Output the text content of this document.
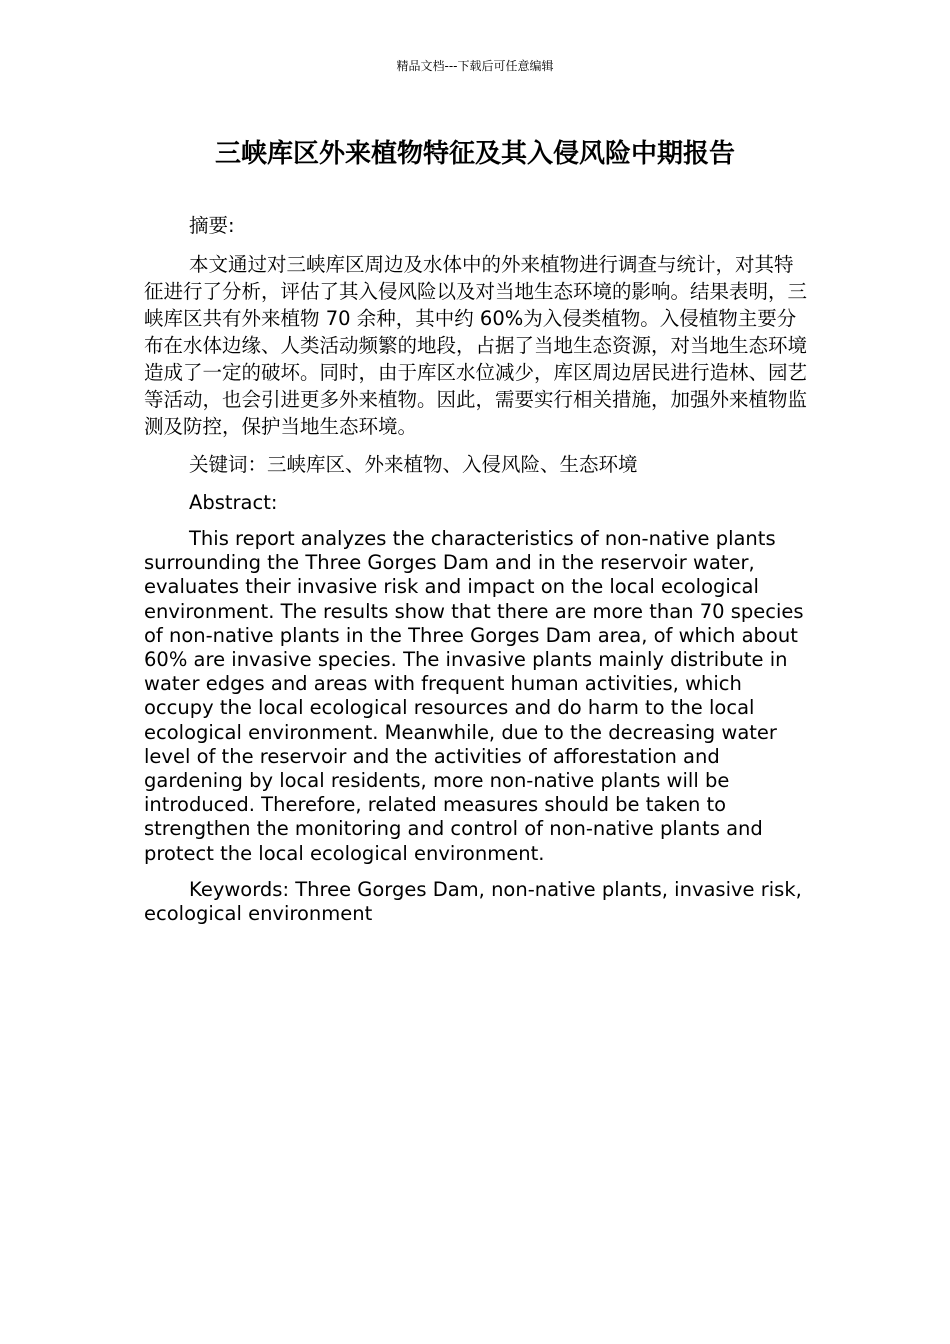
精品文档---下载后可任意编辑
三峡库区外来植物特征及其入侵风险中期报告

摘要:

本文通过对三峡库区周边及水体中的外来植物进行调查与统计，对其特征进行了分析，评估了其入侵风险以及对当地生态环境的影响。结果表明，三峡库区共有外来植物 70 余种，其中约 60%为入侵类植物。入侵植物主要分布在水体边缘、人类活动频繁的地段，占据了当地生态资源，对当地生态环境造成了一定的破坏。同时，由于库区水位减少，库区周边居民进行造林、园艺等活动，也会引进更多外来植物。因此，需要实行相关措施，加强外来植物监测及防控，保护当地生态环境。

关键词：三峡库区、外来植物、入侵风险、生态环境

Abstract:

This report analyzes the characteristics of non-native plants surrounding the Three Gorges Dam and in the reservoir water, evaluates their invasive risk and impact on the local ecological environment. The results show that there are more than 70 species of non-native plants in the Three Gorges Dam area, of which about 60% are invasive species. The invasive plants mainly distribute in water edges and areas with frequent human activities, which occupy the local ecological resources and do harm to the local ecological environment. Meanwhile, due to the decreasing water level of the reservoir and the activities of afforestation and gardening by local residents, more non-native plants will be introduced. Therefore, related measures should be taken to strengthen the monitoring and control of non-native plants and protect the local ecological environment.

Keywords: Three Gorges Dam, non-native plants, invasive risk, ecological environment
